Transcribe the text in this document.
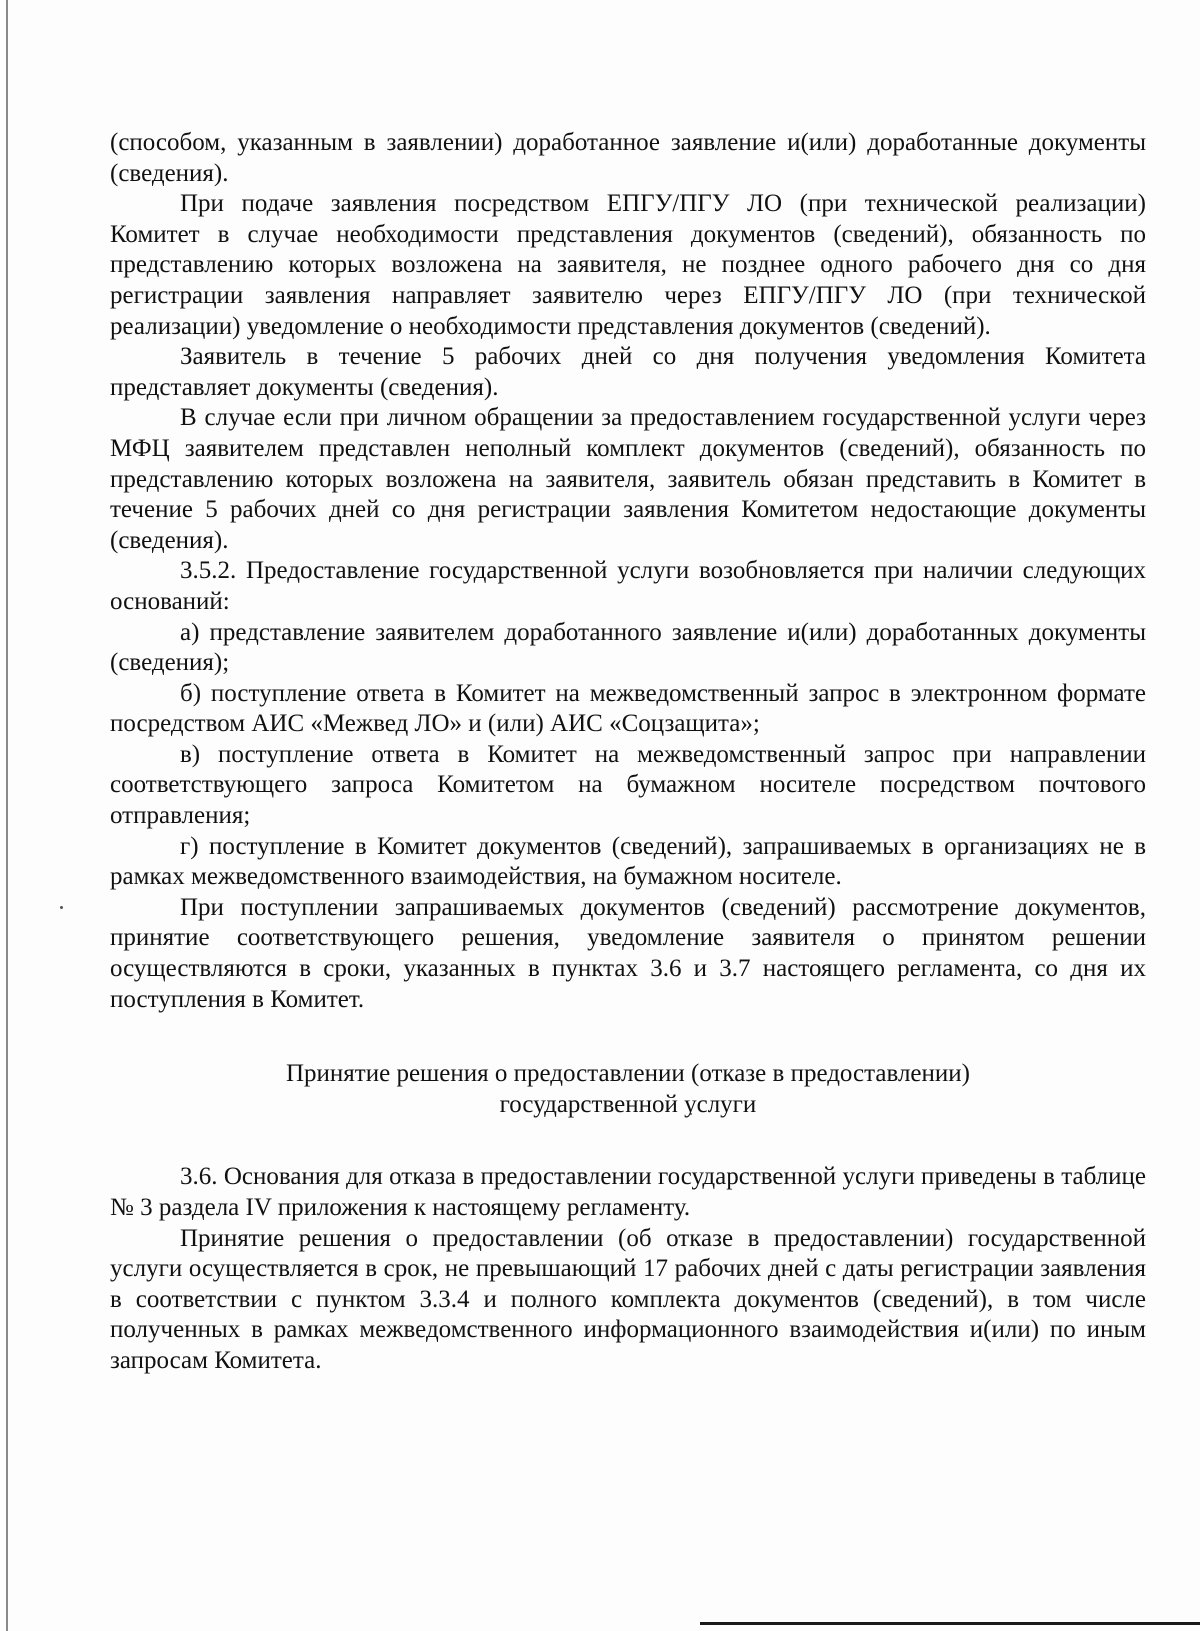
(способом, указанным в заявлении) доработанное заявление и(или) доработанные документы (сведения).

При подаче заявления посредством ЕПГУ/ПГУ ЛО (при технической реализации) Комитет в случае необходимости представления документов (сведений), обязанность по представлению которых возложена на заявителя, не позднее одного рабочего дня со дня регистрации заявления направляет заявителю через ЕПГУ/ПГУ ЛО (при технической реализации) уведомление о необходимости представления документов (сведений).

Заявитель в течение 5 рабочих дней со дня получения уведомления Комитета представляет документы (сведения).

В случае если при личном обращении за предоставлением государственной услуги через МФЦ заявителем представлен неполный комплект документов (сведений), обязанность по представлению которых возложена на заявителя, заявитель обязан представить в Комитет в течение 5 рабочих дней со дня регистрации заявления Комитетом недостающие документы (сведения).

3.5.2. Предоставление государственной услуги возобновляется при наличии следующих оснований:

а) представление заявителем доработанного заявление и(или) доработанных документы (сведения);

б) поступление ответа в Комитет на межведомственный запрос в электронном формате посредством АИС «Межвед ЛО» и (или) АИС «Соцзащита»;

в) поступление ответа в Комитет на межведомственный запрос при направлении соответствующего запроса Комитетом на бумажном носителе посредством почтового отправления;

г) поступление в Комитет документов (сведений), запрашиваемых в организациях не в рамках межведомственного взаимодействия, на бумажном носителе.

При поступлении запрашиваемых документов (сведений) рассмотрение документов, принятие соответствующего решения, уведомление заявителя о принятом решении осуществляются в сроки, указанных в пунктах 3.6 и 3.7 настоящего регламента, со дня их поступления в Комитет.

Принятие решения о предоставлении (отказе в предоставлении)
государственной услуги

3.6. Основания для отказа в предоставлении государственной услуги приведены в таблице № 3 раздела IV приложения к настоящему регламенту.

Принятие решения о предоставлении (об отказе в предоставлении) государственной услуги осуществляется в срок, не превышающий 17 рабочих дней с даты регистрации заявления в соответствии с пунктом 3.3.4 и полного комплекта документов (сведений), в том числе полученных в рамках межведомственного информационного взаимодействия и(или) по иным запросам Комитета.
